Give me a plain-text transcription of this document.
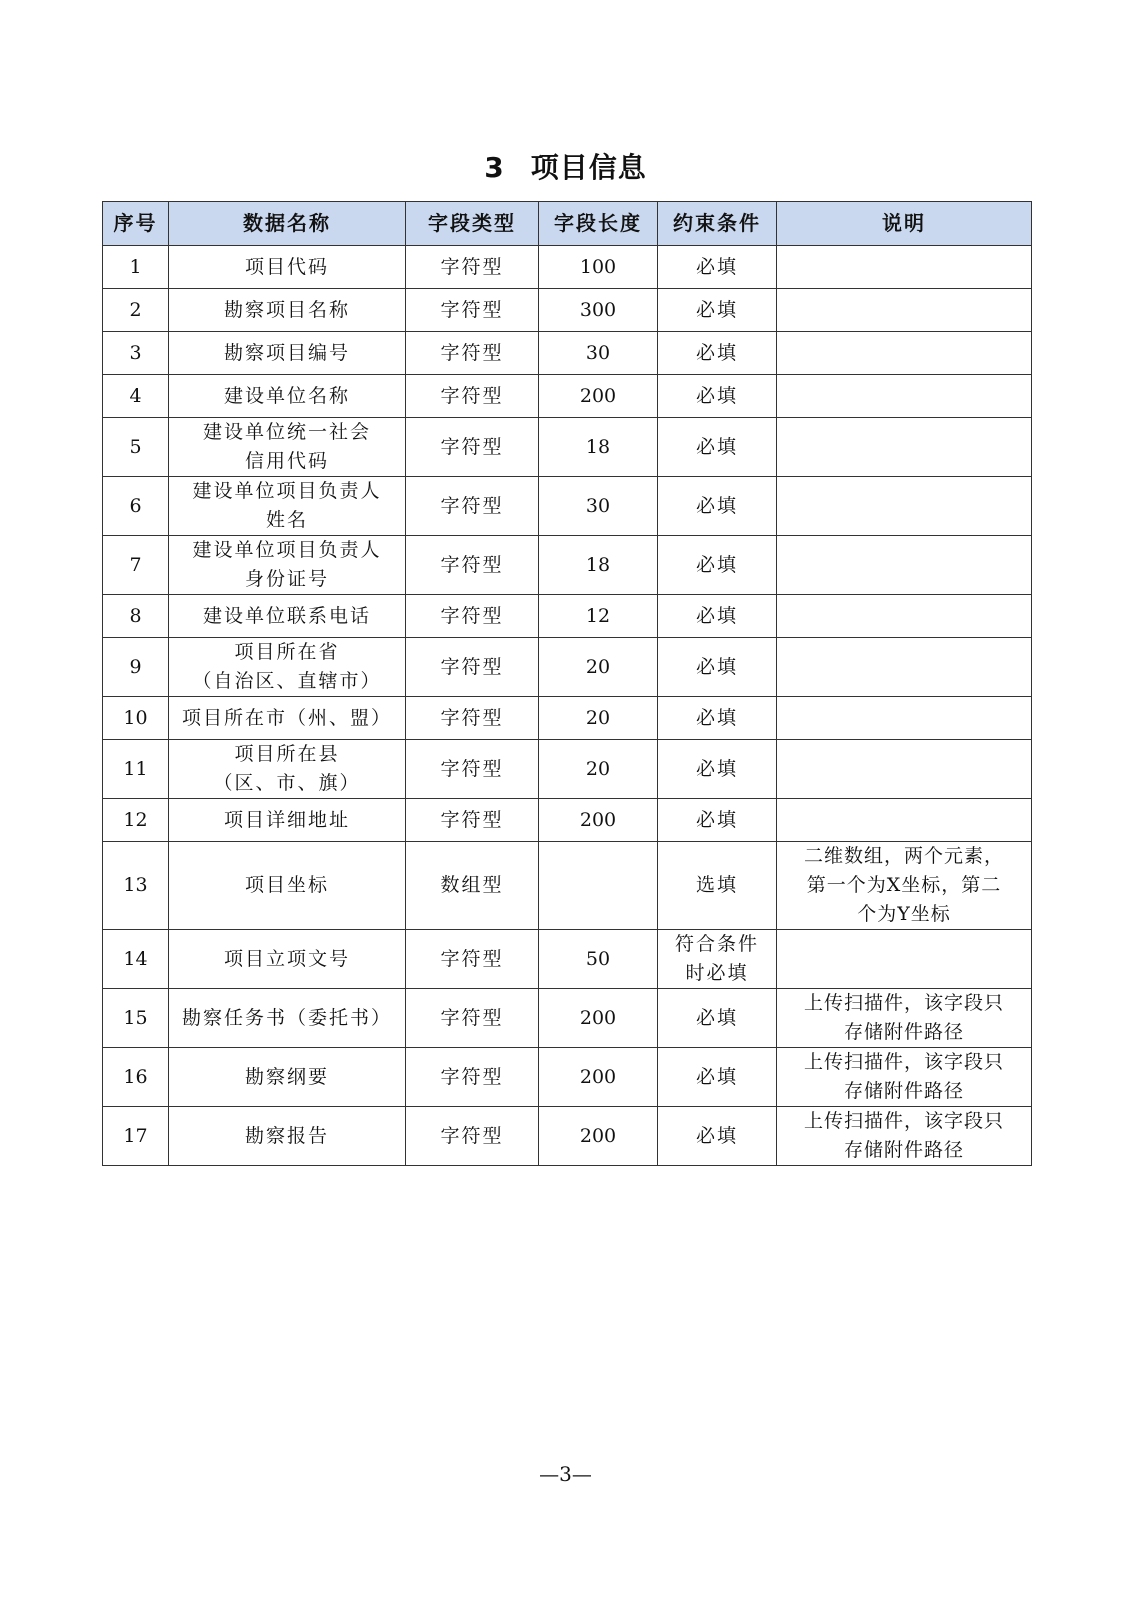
3 项目信息
序号	数据名称	字段类型	字段长度	约束条件	说明
1	项目代码	字符型	100	必填	
2	勘察项目名称	字符型	300	必填	
3	勘察项目编号	字符型	30	必填	
4	建设单位名称	字符型	200	必填	
5	建设单位统一社会
信用代码	字符型	18	必填	
6	建设单位项目负责人
姓名	字符型	30	必填	
7	建设单位项目负责人
身份证号	字符型	18	必填	
8	建设单位联系电话	字符型	12	必填	
9	项目所在省
（自治区、直辖市）	字符型	20	必填	
10	项目所在市（州、盟）	字符型	20	必填	
11	项目所在县
（区、市、旗）	字符型	20	必填	
12	项目详细地址	字符型	200	必填	
13	项目坐标	数组型		选填	二维数组，两个元素，
第一个为X坐标，第二
个为Y坐标
14	项目立项文号	字符型	50	符合条件
时必填	
15	勘察任务书（委托书）	字符型	200	必填	上传扫描件，该字段只
存储附件路径
16	勘察纲要	字符型	200	必填	上传扫描件，该字段只
存储附件路径
17	勘察报告	字符型	200	必填	上传扫描件，该字段只
存储附件路径
—3—
